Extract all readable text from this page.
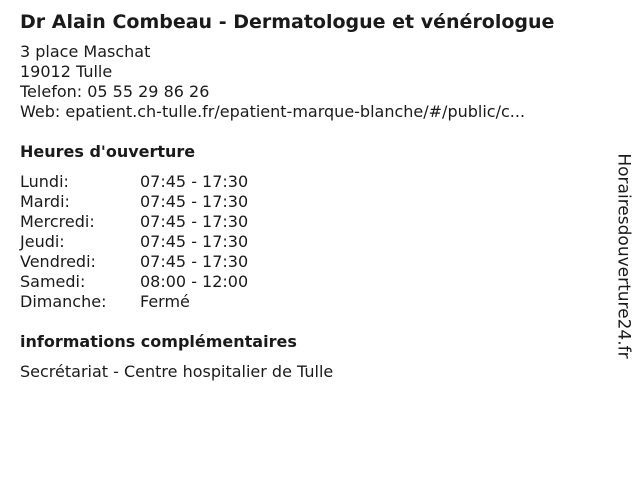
Dr Alain Combeau - Dermatologue et vénérologue
3 place Maschat
19012 Tulle
Telefon: 05 55 29 86 26
Web: epatient.ch-tulle.fr/epatient-marque-blanche/#/public/c...
Heures d'ouverture
Lundi:	07:45 - 17:30
Mardi:	07:45 - 17:30
Mercredi:	07:45 - 17:30
Jeudi:	07:45 - 17:30
Vendredi:	07:45 - 17:30
Samedi:	08:00 - 12:00
Dimanche:	Fermé
informations complémentaires
Secrétariat - Centre hospitalier de Tulle
Horairesdouverture24.fr
